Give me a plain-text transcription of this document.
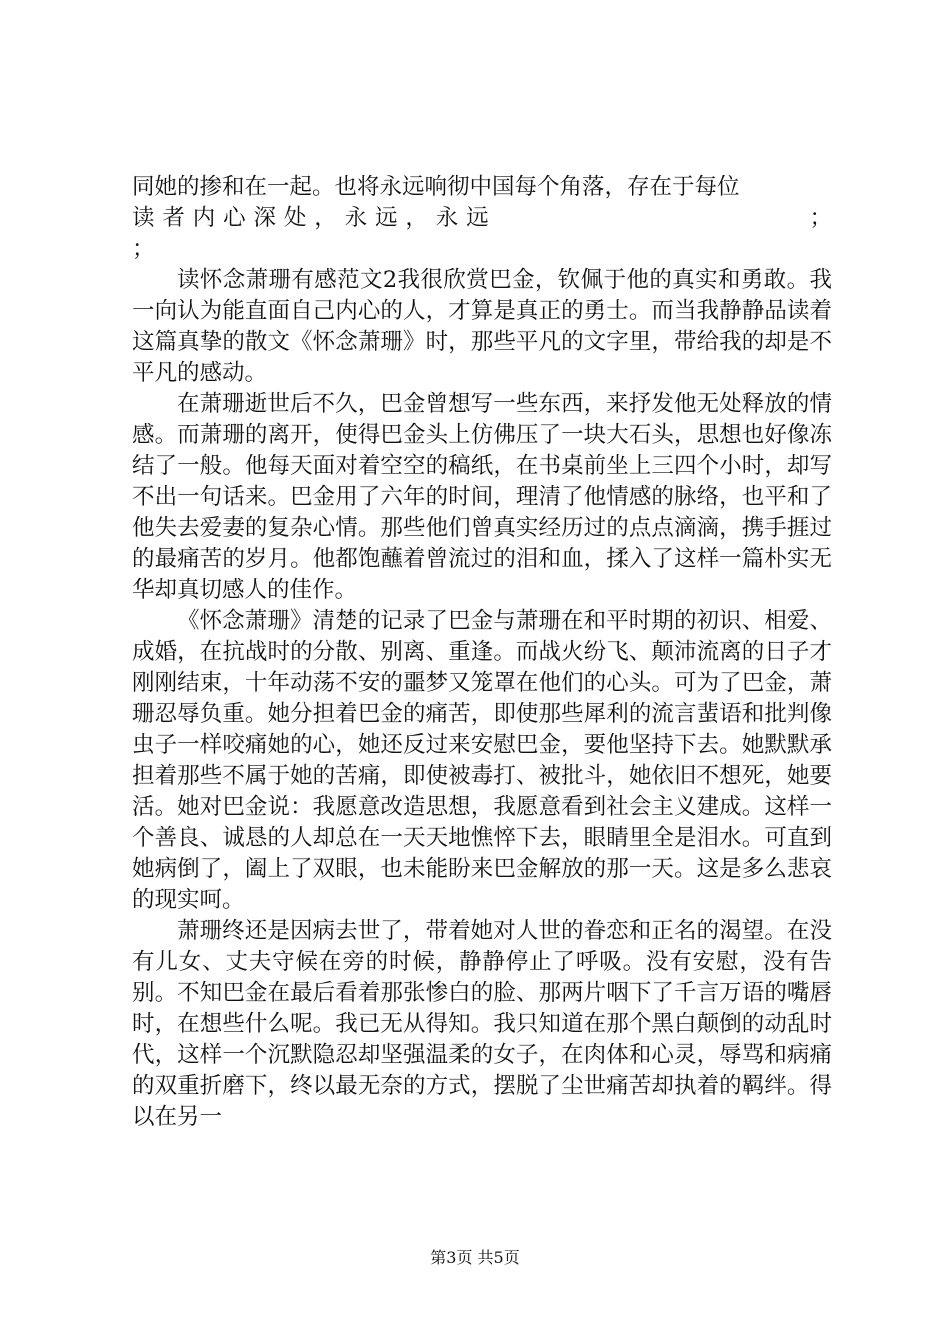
同她的掺和在一起。也将永远响彻中国每个角落，存在于每位

读者内心深处，永远，永远	；

；

读怀念萧珊有感范文2我很欣赏巴金，钦佩于他的真实和勇敢。我一向认为能直面自己内心的人，才算是真正的勇士。而当我静静品读着这篇真挚的散文《怀念萧珊》时，那些平凡的文字里，带给我的却是不平凡的感动。

在萧珊逝世后不久，巴金曾想写一些东西，来抒发他无处释放的情感。而萧珊的离开，使得巴金头上仿佛压了一块大石头，思想也好像冻结了一般。他每天面对着空空的稿纸，在书桌前坐上三四个小时，却写不出一句话来。巴金用了六年的时间，理清了他情感的脉络，也平和了他失去爱妻的复杂心情。那些他们曾真实经历过的点点滴滴，携手捱过的最痛苦的岁月。他都饱蘸着曾流过的泪和血，揉入了这样一篇朴实无华却真切感人的佳作。

《怀念萧珊》清楚的记录了巴金与萧珊在和平时期的初识、相爱、成婚，在抗战时的分散、别离、重逢。而战火纷飞、颠沛流离的日子才刚刚结束，十年动荡不安的噩梦又笼罩在他们的心头。可为了巴金，萧珊忍辱负重。她分担着巴金的痛苦，即使那些犀利的流言蜚语和批判像虫子一样咬痛她的心，她还反过来安慰巴金，要他坚持下去。她默默承担着那些不属于她的苦痛，即使被毒打、被批斗，她依旧不想死，她要活。她对巴金说：我愿意改造思想，我愿意看到社会主义建成。这样一个善良、诚恳的人却总在一天天地憔悴下去，眼睛里全是泪水。可直到她病倒了，阖上了双眼，也未能盼来巴金解放的那一天。这是多么悲哀的现实呵。

萧珊终还是因病去世了，带着她对人世的眷恋和正名的渴望。在没有儿女、丈夫守候在旁的时候，静静停止了呼吸。没有安慰，没有告别。不知巴金在最后看着那张惨白的脸、那两片咽下了千言万语的嘴唇时，在想些什么呢。我已无从得知。我只知道在那个黑白颠倒的动乱时代，这样一个沉默隐忍却坚强温柔的女子，在肉体和心灵，辱骂和病痛的双重折磨下，终以最无奈的方式，摆脱了尘世痛苦却执着的羁绊。得以在另一

第3页 共5页
